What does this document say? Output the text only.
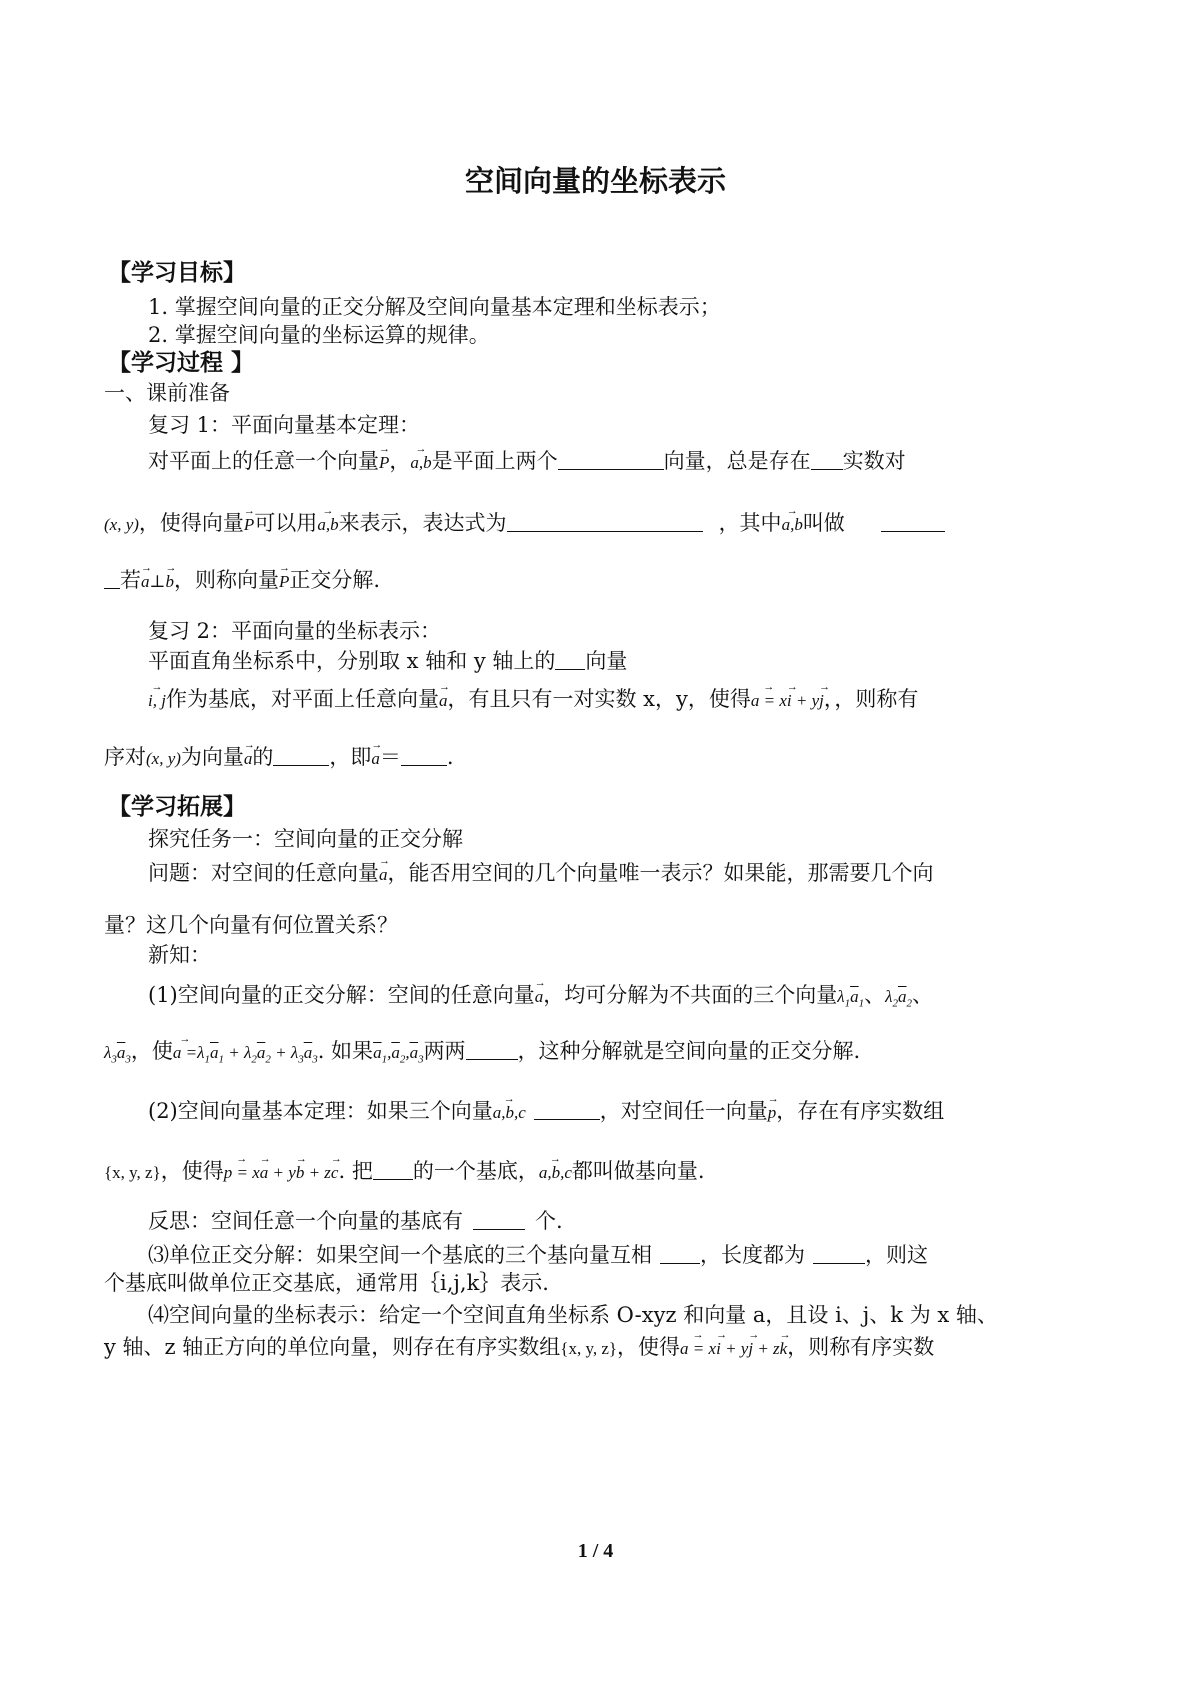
空间向量的坐标表示
【学习目标】
1. 掌握空间向量的正交分解及空间向量基本定理和坐标表示；
2. 掌握空间向量的坐标运算的规律。
【学习过程 】
一、课前准备
复习 1：平面向量基本定理：
对平面上的任意一个向量→ P，→ a,b是平面上两个	向量，总是存在 实数对
(x, y)，使得向量→ P可以用→ a,b来表示，表达式为	，其中→ a,b叫做
若→ a⊥→ b，则称向量→ P正交分解.
复习 2：平面向量的坐标表示：
平面直角坐标系中，分别取 x 轴和 y 轴上的 向量
→ i, j作为基底，对平面上任意向量→ a，有且只有一对实数 x，y，使得→ a = x→ i + y→ j，，则称有
序对(x, y)为向量→ a的	，即→ a＝ .
【学习拓展】
探究任务一：空间向量的正交分解
问题：对空间的任意向量→ a，能否用空间的几个向量唯一表示？如果能，那需要几个向
量？这几个向量有何位置关系？
新知：
(1)空间向量的正交分解：空间的任意向量→ a，均可分解为不共面的三个向量$\lambda_1\overline{a}_1$、$\lambda_2\overline{a}_2$、
$\lambda_3\overline{a}_3$，使→ $a =\lambda_1\overline{a}_1 + \lambda_2\overline{a}_2 + \lambda_3\overline{a}_3$. 如果$\overline{a}_1,\overline{a}_2,\overline{a}_3$两两 ，这种分解就是空间向量的正交分解.
(2)空间向量基本定理：如果三个向量→ a,b,c	，对空间任一向量→ p，存在有序实数组
{x, y, z}，使得→ p = x→ a + y→ b + z→ c. 把 的一个基底，→ a,b,c都叫做基向量.
反思：空间任意一个向量的基底有	个.
⑶单位正交分解：如果空间一个基底的三个基向量互相 ，长度都为	，则这
个基底叫做单位正交基底，通常用｛i,j,k｝表示.
⑷空间向量的坐标表示：给定一个空间直角坐标系 O-xyz 和向量 a，且设 i、j、k 为 x 轴、
y 轴、z 轴正方向的单位向量，则存在有序实数组{x, y, z}，使得→ a = x→ i + y→ j + z→ k，则称有序实数
1 / 4
